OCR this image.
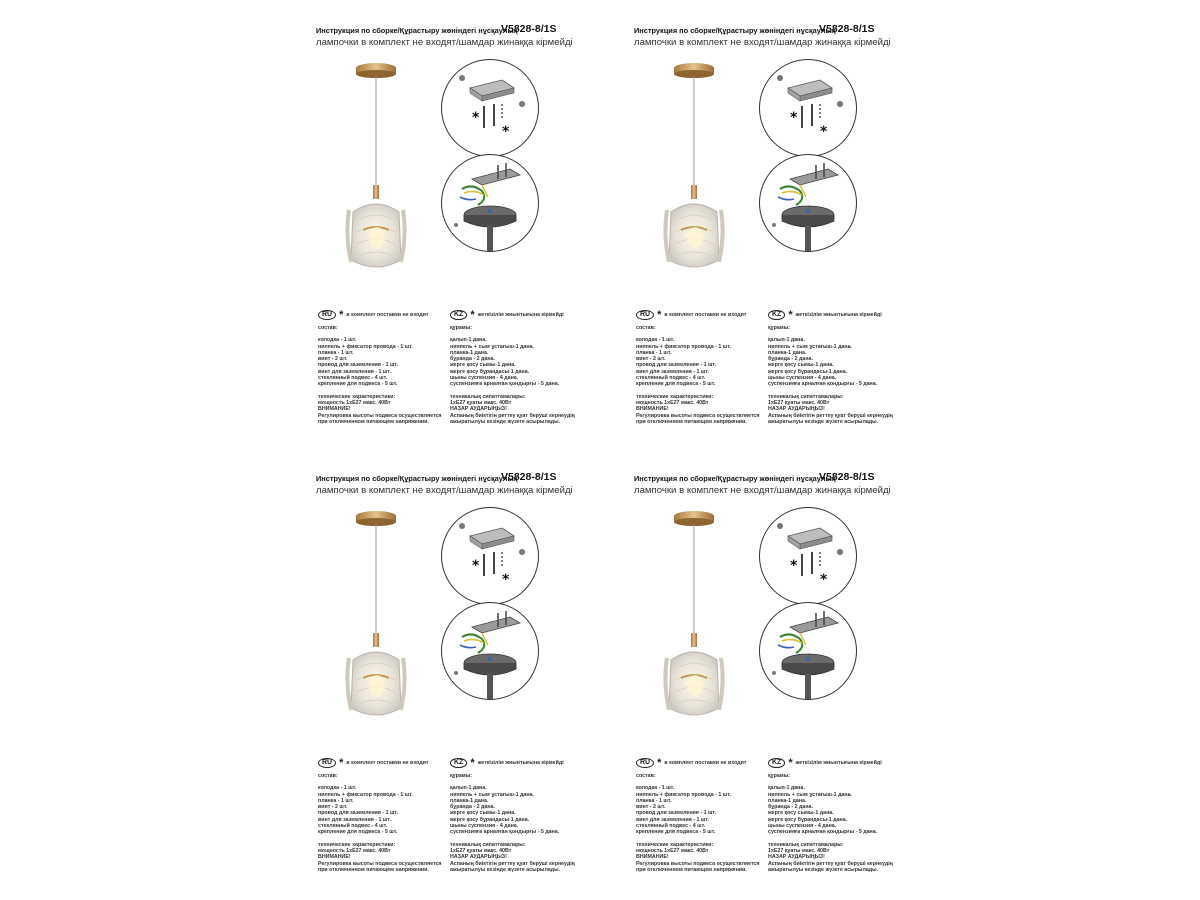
Инструкция по сборке/Құрастыру жөніндегі нұсқаулық
V5828-8/1S
лампочки в комплект не входят/шамдар жинаққа кірмейді
*
*
RU * в комплект поставки не входит
состав:
колодка - 1 шт.
ниппель + фиксатор провода - 1 шт.
планка - 1 шт.
винт - 2 шт.
провод для заземления - 1 шт.
винт для заземления - 1 шт.
стеклянный подвес - 4 шт.
крепление для подвеса - 5 шт.
технические характеристики:
мощность 1хE27 макс. 40Вт
ВНИМАНИЕ!
Регулировка высоты подвеса осуществляется
при отключенном питающем напряжении.
KZ * жеткізілім жиынтығына кірмейді
құрамы:
қалып-1 дана.
ниппель + сым ұстағыш-1 дана.
планка-1 дана.
бұранда - 2 дана.
жерге қосу сымы-1 дана.
жерге қосу бұрандасы-1 дана.
шыны суспензия - 4 дана.
суспензияға арналған қондырғы - 5 дана.
техникалық сипаттамалары:
1хE27 қуаты макс. 40Вт
НАЗАР АУДАРЫҢЫЗ!
Аспаның биіктігін реттеу қуат беруші кернеудің
ажыратылуы кезінде жүзеге асырылады.
Инструкция по сборке/Құрастыру жөніндегі нұсқаулық
V5828-8/1S
лампочки в комплект не входят/шамдар жинаққа кірмейді
*
*
RU * в комплект поставки не входит
состав:
колодка - 1 шт.
ниппель + фиксатор провода - 1 шт.
планка - 1 шт.
винт - 2 шт.
провод для заземления - 1 шт.
винт для заземления - 1 шт.
стеклянный подвес - 4 шт.
крепление для подвеса - 5 шт.
технические характеристики:
мощность 1хE27 макс. 40Вт
ВНИМАНИЕ!
Регулировка высоты подвеса осуществляется
при отключенном питающем напряжении.
KZ * жеткізілім жиынтығына кірмейді
құрамы:
қалып-1 дана.
ниппель + сым ұстағыш-1 дана.
планка-1 дана.
бұранда - 2 дана.
жерге қосу сымы-1 дана.
жерге қосу бұрандасы-1 дана.
шыны суспензия - 4 дана.
суспензияға арналған қондырғы - 5 дана.
техникалық сипаттамалары:
1хE27 қуаты макс. 40Вт
НАЗАР АУДАРЫҢЫЗ!
Аспаның биіктігін реттеу қуат беруші кернеудің
ажыратылуы кезінде жүзеге асырылады.
Инструкция по сборке/Құрастыру жөніндегі нұсқаулық
V5828-8/1S
лампочки в комплект не входят/шамдар жинаққа кірмейді
*
*
RU * в комплект поставки не входит
состав:
колодка - 1 шт.
ниппель + фиксатор провода - 1 шт.
планка - 1 шт.
винт - 2 шт.
провод для заземления - 1 шт.
винт для заземления - 1 шт.
стеклянный подвес - 4 шт.
крепление для подвеса - 5 шт.
технические характеристики:
мощность 1хE27 макс. 40Вт
ВНИМАНИЕ!
Регулировка высоты подвеса осуществляется
при отключенном питающем напряжении.
KZ * жеткізілім жиынтығына кірмейді
құрамы:
қалып-1 дана.
ниппель + сым ұстағыш-1 дана.
планка-1 дана.
бұранда - 2 дана.
жерге қосу сымы-1 дана.
жерге қосу бұрандасы-1 дана.
шыны суспензия - 4 дана.
суспензияға арналған қондырғы - 5 дана.
техникалық сипаттамалары:
1хE27 қуаты макс. 40Вт
НАЗАР АУДАРЫҢЫЗ!
Аспаның биіктігін реттеу қуат беруші кернеудің
ажыратылуы кезінде жүзеге асырылады.
Инструкция по сборке/Құрастыру жөніндегі нұсқаулық
V5828-8/1S
лампочки в комплект не входят/шамдар жинаққа кірмейді
*
*
RU * в комплект поставки не входит
состав:
колодка - 1 шт.
ниппель + фиксатор провода - 1 шт.
планка - 1 шт.
винт - 2 шт.
провод для заземления - 1 шт.
винт для заземления - 1 шт.
стеклянный подвес - 4 шт.
крепление для подвеса - 5 шт.
технические характеристики:
мощность 1хE27 макс. 40Вт
ВНИМАНИЕ!
Регулировка высоты подвеса осуществляется
при отключенном питающем напряжении.
KZ * жеткізілім жиынтығына кірмейді
құрамы:
қалып-1 дана.
ниппель + сым ұстағыш-1 дана.
планка-1 дана.
бұранда - 2 дана.
жерге қосу сымы-1 дана.
жерге қосу бұрандасы-1 дана.
шыны суспензия - 4 дана.
суспензияға арналған қондырғы - 5 дана.
техникалық сипаттамалары:
1хE27 қуаты макс. 40Вт
НАЗАР АУДАРЫҢЫЗ!
Аспаның биіктігін реттеу қуат беруші кернеудің
ажыратылуы кезінде жүзеге асырылады.
